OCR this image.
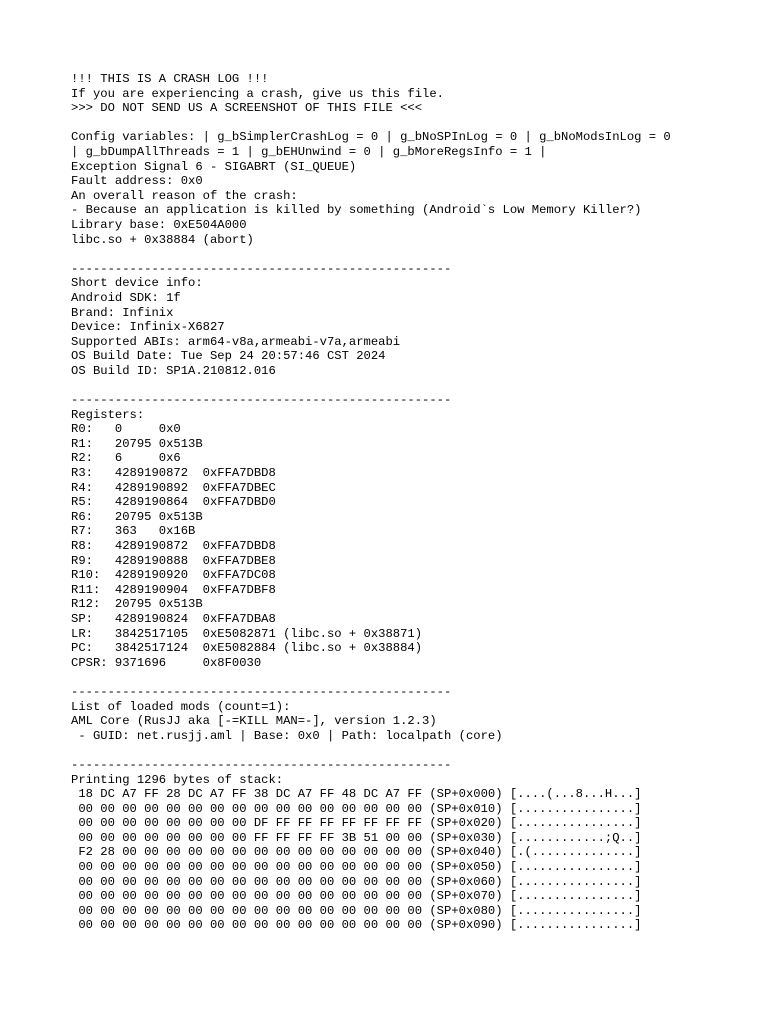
!!! THIS IS A CRASH LOG !!!
If you are experiencing a crash, give us this file.
>>> DO NOT SEND US A SCREENSHOT OF THIS FILE <<<
Config variables: | g_bSimplerCrashLog = 0 | g_bNoSPInLog = 0 | g_bNoModsInLog = 0
| g_bDumpAllThreads = 1 | g_bEHUnwind = 0 | g_bMoreRegsInfo = 1 |
Exception Signal 6 - SIGABRT (SI_QUEUE)
Fault address: 0x0
An overall reason of the crash:
- Because an application is killed by something (Android`s Low Memory Killer?)
Library base: 0xE504A000
libc.so + 0x38884 (abort)
----------------------------------------------------
Short device info:
Android SDK: 1f
Brand: Infinix
Device: Infinix-X6827
Supported ABIs: arm64-v8a,armeabi-v7a,armeabi
OS Build Date: Tue Sep 24 20:57:46 CST 2024
OS Build ID: SP1A.210812.016
----------------------------------------------------
Registers:
R0:   0     0x0
R1:   20795 0x513B
R2:   6     0x6
R3:   4289190872  0xFFA7DBD8
R4:   4289190892  0xFFA7DBEC
R5:   4289190864  0xFFA7DBD0
R6:   20795 0x513B
R7:   363   0x16B
R8:   4289190872  0xFFA7DBD8
R9:   4289190888  0xFFA7DBE8
R10:  4289190920  0xFFA7DC08
R11:  4289190904  0xFFA7DBF8
R12:  20795 0x513B
SP:   4289190824  0xFFA7DBA8
LR:   3842517105  0xE5082871 (libc.so + 0x38871)
PC:   3842517124  0xE5082884 (libc.so + 0x38884)
CPSR: 9371696     0x8F0030
----------------------------------------------------
List of loaded mods (count=1):
AML Core (RusJJ aka [-=KILL MAN=-], version 1.2.3)
- GUID: net.rusjj.aml | Base: 0x0 | Path: localpath (core)
----------------------------------------------------
Printing 1296 bytes of stack:
18 DC A7 FF 28 DC A7 FF 38 DC A7 FF 48 DC A7 FF (SP+0x000) [....(...8...H...]
00 00 00 00 00 00 00 00 00 00 00 00 00 00 00 00 (SP+0x010) [................]
00 00 00 00 00 00 00 00 DF FF FF FF FF FF FF FF (SP+0x020) [................]
00 00 00 00 00 00 00 00 FF FF FF FF 3B 51 00 00 (SP+0x030) [............;Q..]
F2 28 00 00 00 00 00 00 00 00 00 00 00 00 00 00 (SP+0x040) [.(..............]
00 00 00 00 00 00 00 00 00 00 00 00 00 00 00 00 (SP+0x050) [................]
00 00 00 00 00 00 00 00 00 00 00 00 00 00 00 00 (SP+0x060) [................]
00 00 00 00 00 00 00 00 00 00 00 00 00 00 00 00 (SP+0x070) [................]
00 00 00 00 00 00 00 00 00 00 00 00 00 00 00 00 (SP+0x080) [................]
00 00 00 00 00 00 00 00 00 00 00 00 00 00 00 00 (SP+0x090) [................]
